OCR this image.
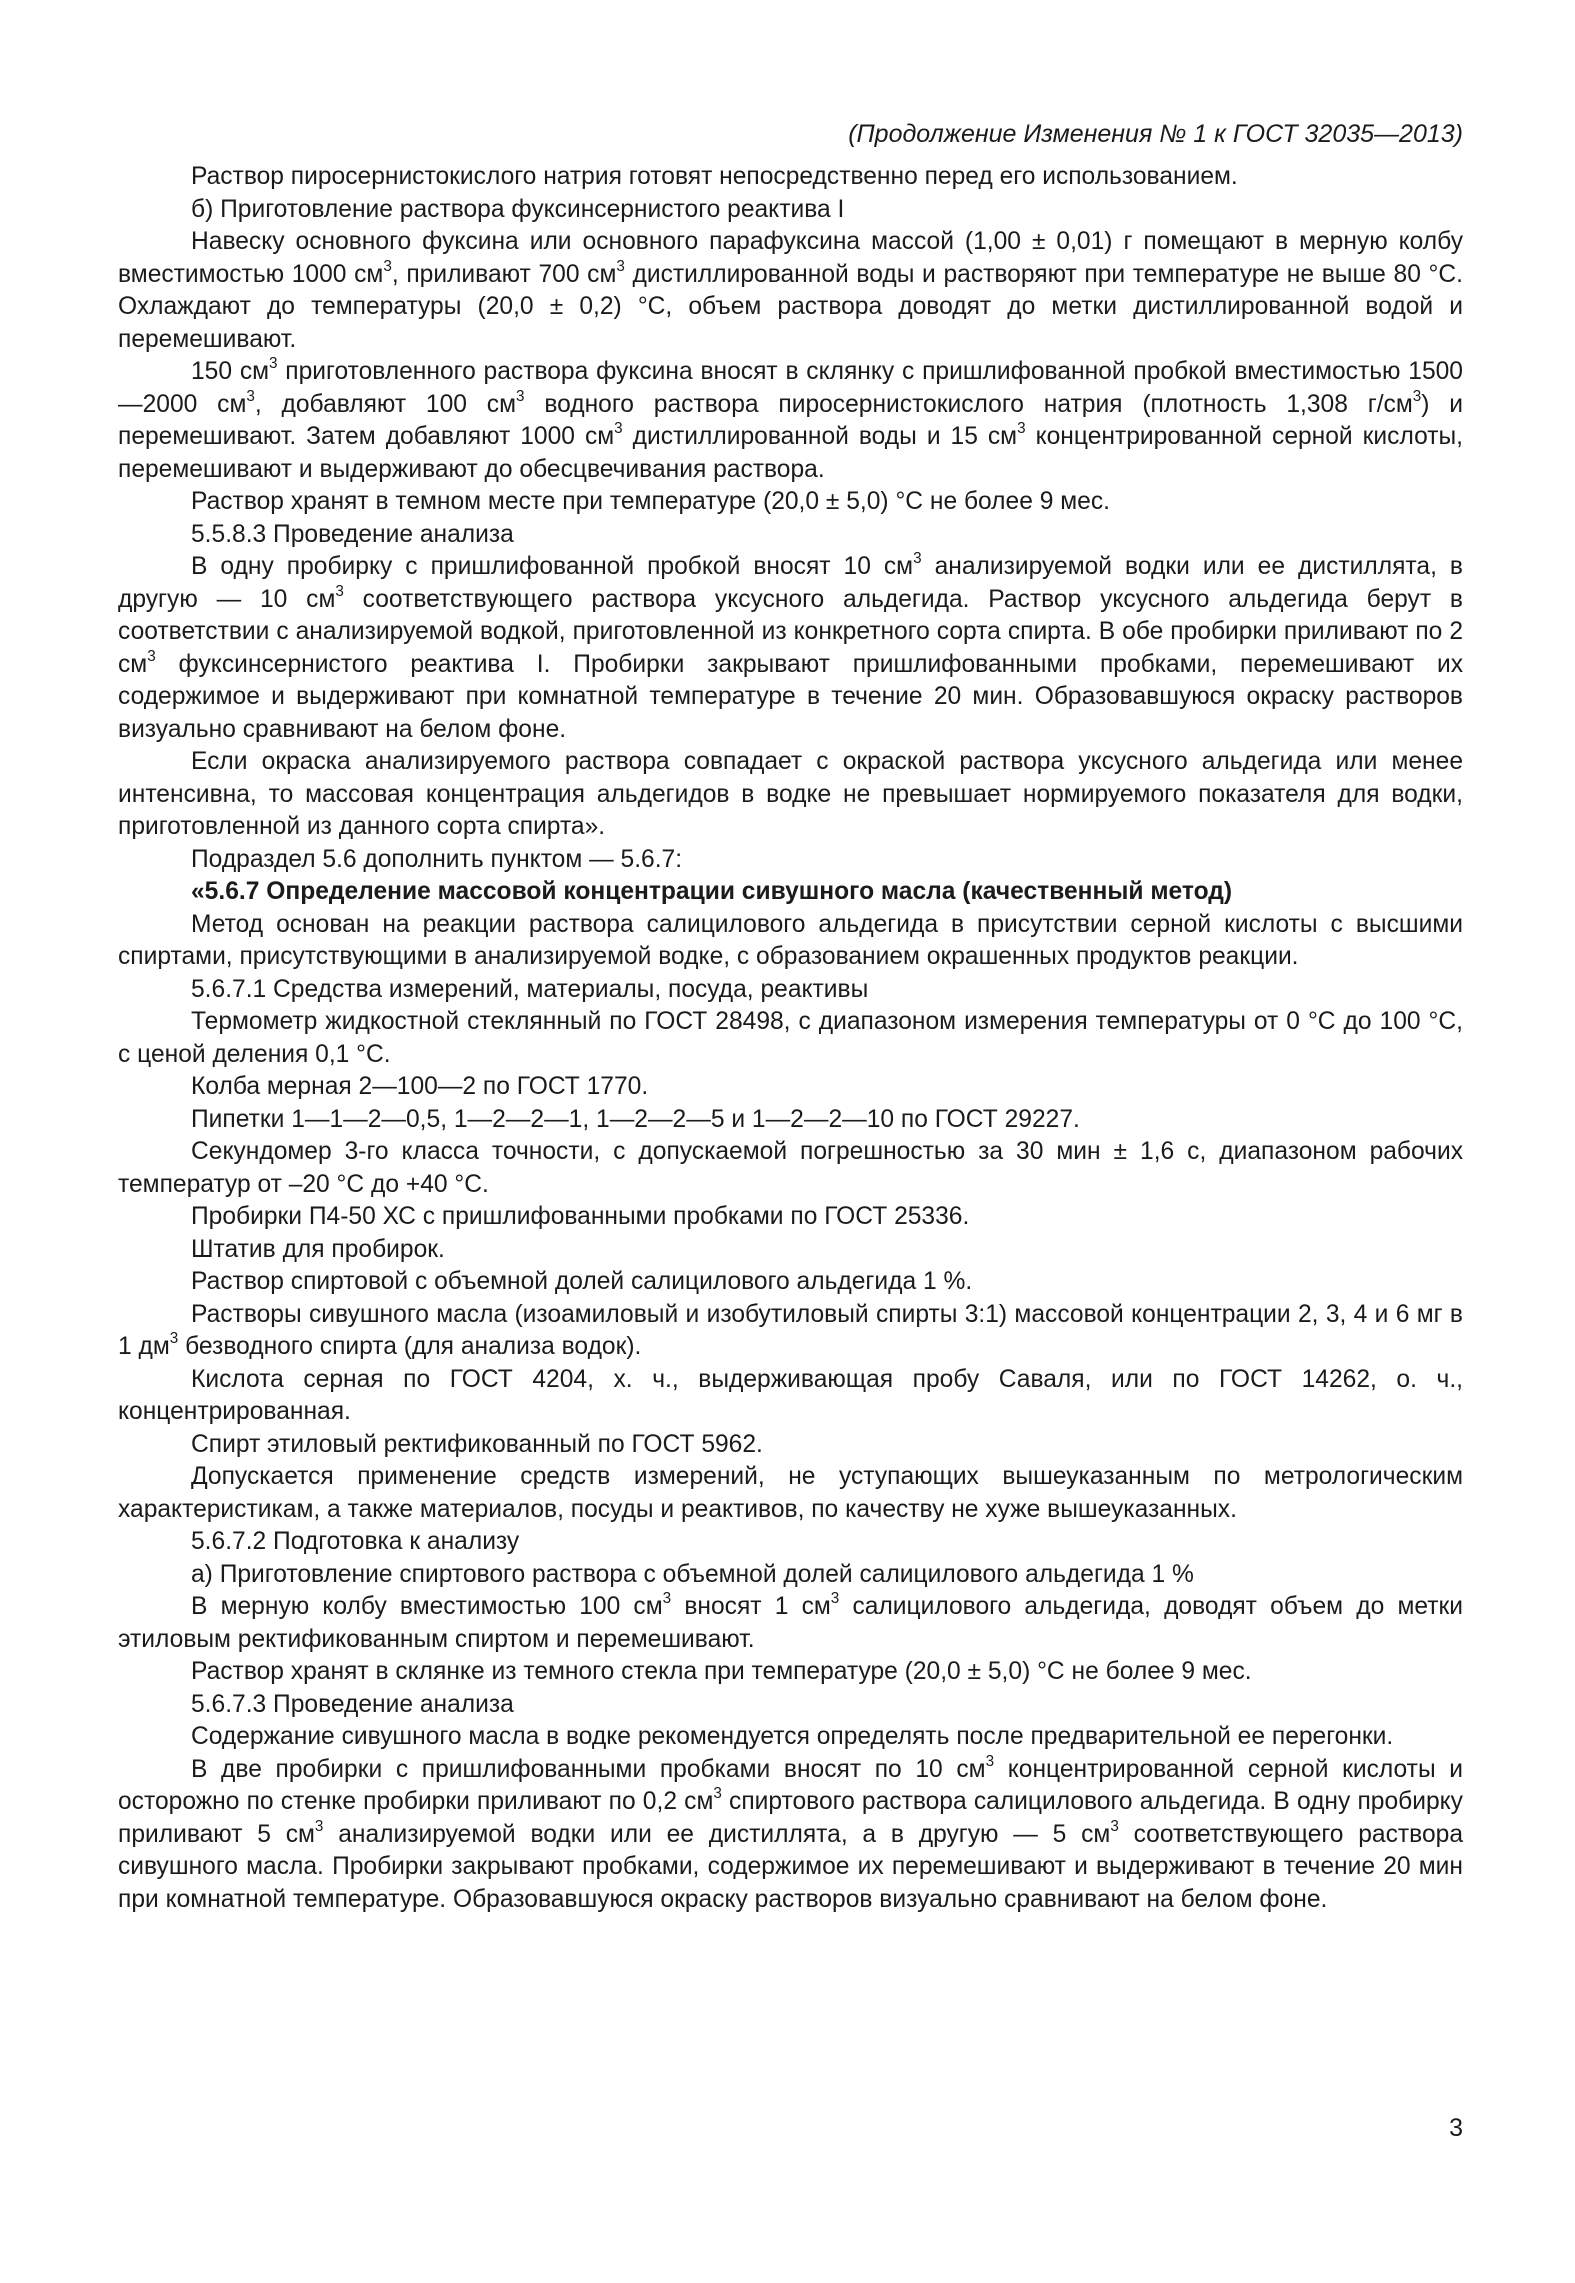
(Продолжение Изменения № 1 к ГОСТ 32035—2013)

Раствор пиросернистокислого натрия готовят непосредственно перед его использованием.

б) Приготовление раствора фуксинсернистого реактива I

Навеску основного фуксина или основного парафуксина массой (1,00 ± 0,01) г помещают в мерную колбу вместимостью 1000 $см^3$, приливают 700 $см^3$ дистиллированной воды и растворяют при температуре не выше 80 °С. Охлаждают до температуры (20,0 ± 0,2) °С, объем раствора доводят до метки дистиллированной водой и перемешивают.

150 $см^3$ приготовленного раствора фуксина вносят в склянку с пришлифованной пробкой вместимостью 1500—2000 $см^3$, добавляют 100 $см^3$ водного раствора пиросернистокислого натрия (плотность 1,308 $г/см^3$) и перемешивают. Затем добавляют 1000 $см^3$ дистиллированной воды и 15 $см^3$ концентрированной серной кислоты, перемешивают и выдерживают до обесцвечивания раствора.

Раствор хранят в темном месте при температуре (20,0 ± 5,0) °С не более 9 мес.

5.5.8.3 Проведение анализа

В одну пробирку с пришлифованной пробкой вносят 10 $см^3$ анализируемой водки или ее дистиллята, в другую — 10 $см^3$ соответствующего раствора уксусного альдегида. Раствор уксусного альдегида берут в соответствии с анализируемой водкой, приготовленной из конкретного сорта спирта. В обе пробирки приливают по 2 $см^3$ фуксинсернистого реактива I. Пробирки закрывают пришлифованными пробками, перемешивают их содержимое и выдерживают при комнатной температуре в течение 20 мин. Образовавшуюся окраску растворов визуально сравнивают на белом фоне.

Если окраска анализируемого раствора совпадает с окраской раствора уксусного альдегида или менее интенсивна, то массовая концентрация альдегидов в водке не превышает нормируемого показателя для водки, приготовленной из данного сорта спирта».

Подраздел 5.6 дополнить пунктом — 5.6.7:

«5.6.7 Определение массовой концентрации сивушного масла (качественный метод)

Метод основан на реакции раствора салицилового альдегида в присутствии серной кислоты с высшими спиртами, присутствующими в анализируемой водке, с образованием окрашенных продуктов реакции.

5.6.7.1 Средства измерений, материалы, посуда, реактивы

Термометр жидкостной стеклянный по ГОСТ 28498, с диапазоном измерения температуры от 0 °С до 100 °С, с ценой деления 0,1 °С.

Колба мерная 2—100—2 по ГОСТ 1770.

Пипетки 1—1—2—0,5, 1—2—2—1, 1—2—2—5 и 1—2—2—10 по ГОСТ 29227.

Секундомер 3-го класса точности, с допускаемой погрешностью за 30 мин ± 1,6 с, диапазоном рабочих температур от –20 °С до +40 °С.

Пробирки П4-50 ХС с пришлифованными пробками по ГОСТ 25336.

Штатив для пробирок.

Раствор спиртовой с объемной долей салицилового альдегида 1 %.

Растворы сивушного масла (изоамиловый и изобутиловый спирты 3:1) массовой концентрации 2, 3, 4 и 6 мг в 1 $дм^3$ безводного спирта (для анализа водок).

Кислота серная по ГОСТ 4204, х. ч., выдерживающая пробу Саваля, или по ГОСТ 14262, о. ч., концентрированная.

Спирт этиловый ректификованный по ГОСТ 5962.

Допускается применение средств измерений, не уступающих вышеуказанным по метрологическим характеристикам, а также материалов, посуды и реактивов, по качеству не хуже вышеуказанных.

5.6.7.2 Подготовка к анализу

а) Приготовление спиртового раствора с объемной долей салицилового альдегида 1 %

В мерную колбу вместимостью 100 $см^3$ вносят 1 $см^3$ салицилового альдегида, доводят объем до метки этиловым ректификованным спиртом и перемешивают.

Раствор хранят в склянке из темного стекла при температуре (20,0 ± 5,0) °С не более 9 мес.

5.6.7.3 Проведение анализа

Содержание сивушного масла в водке рекомендуется определять после предварительной ее перегонки.

В две пробирки с пришлифованными пробками вносят по 10 $см^3$ концентрированной серной кислоты и осторожно по стенке пробирки приливают по 0,2 $см^3$ спиртового раствора салицилового альдегида. В одну пробирку приливают 5 $см^3$ анализируемой водки или ее дистиллята, а в другую — 5 $см^3$ соответствующего раствора сивушного масла. Пробирки закрывают пробками, содержимое их перемешивают и выдерживают в течение 20 мин при комнатной температуре. Образовавшуюся окраску растворов визуально сравнивают на белом фоне.

3
